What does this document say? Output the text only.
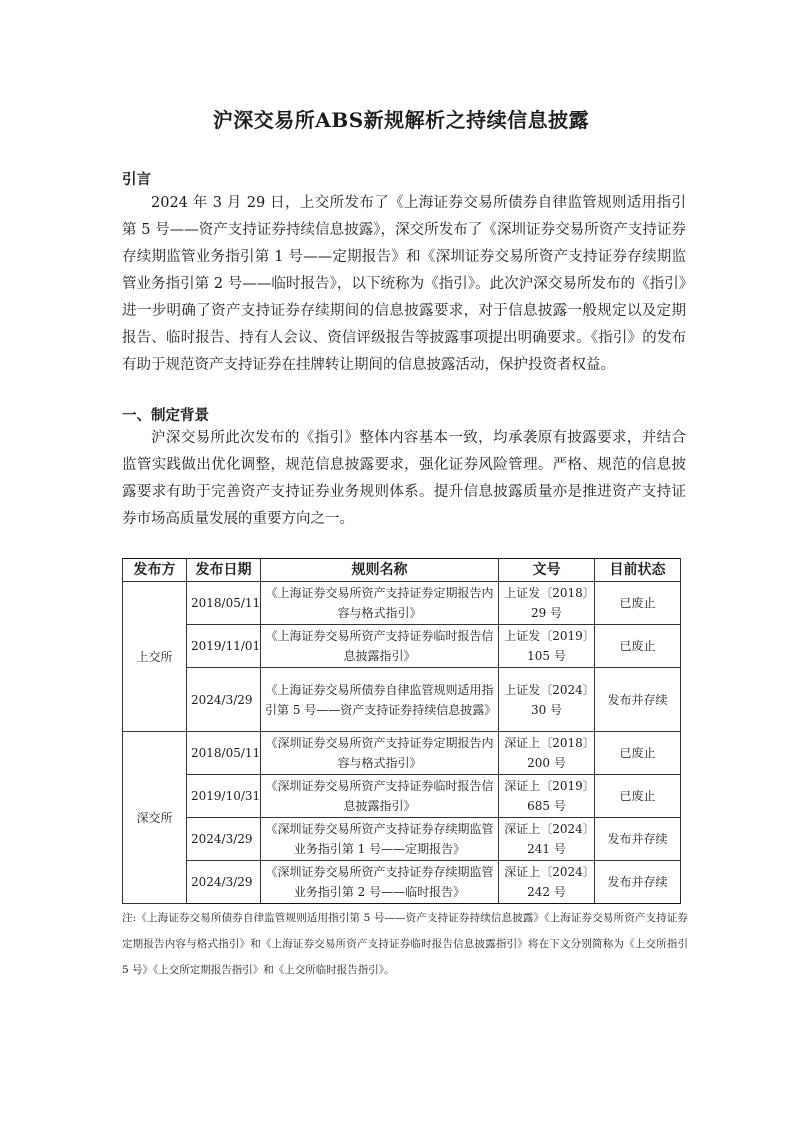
沪深交易所ABS新规解析之持续信息披露
引言

2024 年 3 月 29 日，上交所发布了《上海证券交易所债券自律监管规则适用指引第 5 号——资产支持证券持续信息披露》，深交所发布了《深圳证券交易所资产支持证券存续期监管业务指引第 1 号——定期报告》和《深圳证券交易所资产支持证券存续期监管业务指引第 2 号——临时报告》，以下统称为《指引》。此次沪深交易所发布的《指引》进一步明确了资产支持证券存续期间的信息披露要求，对于信息披露一般规定以及定期报告、临时报告、持有人会议、资信评级报告等披露事项提出明确要求。《指引》的发布有助于规范资产支持证券在挂牌转让期间的信息披露活动，保护投资者权益。

一、制定背景

沪深交易所此次发布的《指引》整体内容基本一致，均承袭原有披露要求，并结合监管实践做出优化调整，规范信息披露要求，强化证券风险管理。严格、规范的信息披露要求有助于完善资产支持证券业务规则体系。提升信息披露质量亦是推进资产支持证券市场高质量发展的重要方向之一。

发布方	发布日期	规则名称	文号	目前状态
上交所	2018/05/11	《上海证券交易所资产支持证券定期报告内容与格式指引》	上证发〔2018〕29 号	已废止
	2019/11/01	《上海证券交易所资产支持证券临时报告信息披露指引》	上证发〔2019〕105 号	已废止
	2024/3/29	《上海证券交易所债券自律监管规则适用指引第 5 号——资产支持证券持续信息披露》	上证发〔2024〕30 号	发布并存续
深交所	2018/05/11	《深圳证券交易所资产支持证券定期报告内容与格式指引》	深证上〔2018〕200 号	已废止
	2019/10/31	《深圳证券交易所资产支持证券临时报告信息披露指引》	深证上〔2019〕685 号	已废止
	2024/3/29	《深圳证券交易所资产支持证券存续期监管业务指引第 1 号——定期报告》	深证上〔2024〕241 号	发布并存续
	2024/3/29	《深圳证券交易所资产支持证券存续期监管业务指引第 2 号——临时报告》	深证上〔2024〕242 号	发布并存续

注:《上海证券交易所债券自律监管规则适用指引第 5 号——资产支持证券持续信息披露》《上海证券交易所资产支持证券定期报告内容与格式指引》和《上海证券交易所资产支持证券临时报告信息披露指引》将在下文分别简称为《上交所指引 5 号》《上交所定期报告指引》和《上交所临时报告指引》。
